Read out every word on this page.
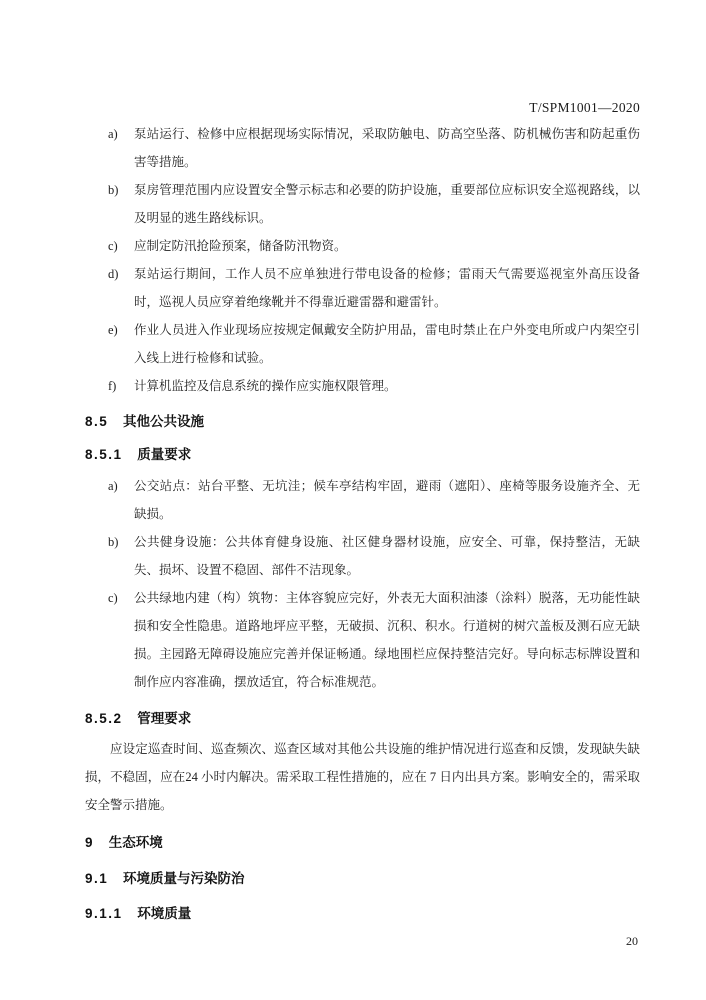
T/SPM1001—2020
a)	泵站运行、检修中应根据现场实际情况，采取防触电、防高空坠落、防机械伤害和防起重伤害等措施。
b)	泵房管理范围内应设置安全警示标志和必要的防护设施，重要部位应标识安全巡视路线，以及明显的逃生路线标识。
c)	应制定防汛抢险预案，储备防汛物资。
d)	泵站运行期间，工作人员不应单独进行带电设备的检修；雷雨天气需要巡视室外高压设备时，巡视人员应穿着绝缘靴并不得靠近避雷器和避雷针。
e)	作业人员进入作业现场应按规定佩戴安全防护用品，雷电时禁止在户外变电所或户内架空引入线上进行检修和试验。
f)	计算机监控及信息系统的操作应实施权限管理。
8.5 其他公共设施
8.5.1 质量要求
a)	公交站点：站台平整、无坑洼；候车亭结构牢固，避雨（遮阳）、座椅等服务设施齐全、无缺损。
b)	公共健身设施：公共体育健身设施、社区健身器材设施，应安全、可靠，保持整洁，无缺失、损坏、设置不稳固、部件不洁现象。
c)	公共绿地内建（构）筑物：主体容貌应完好，外表无大面积油漆（涂料）脱落，无功能性缺损和安全性隐患。道路地坪应平整，无破损、沉积、积水。行道树的树穴盖板及测石应无缺损。主园路无障碍设施应完善并保证畅通。绿地围栏应保持整洁完好。导向标志标牌设置和制作应内容准确，摆放适宜，符合标准规范。
8.5.2 管理要求

应设定巡查时间、巡查频次、巡查区域对其他公共设施的维护情况进行巡查和反馈，发现缺失缺损，不稳固，应在24 小时内解决。需采取工程性措施的，应在 7 日内出具方案。影响安全的，需采取安全警示措施。

9 生态环境
9.1 环境质量与污染防治
9.1.1 环境质量
20
